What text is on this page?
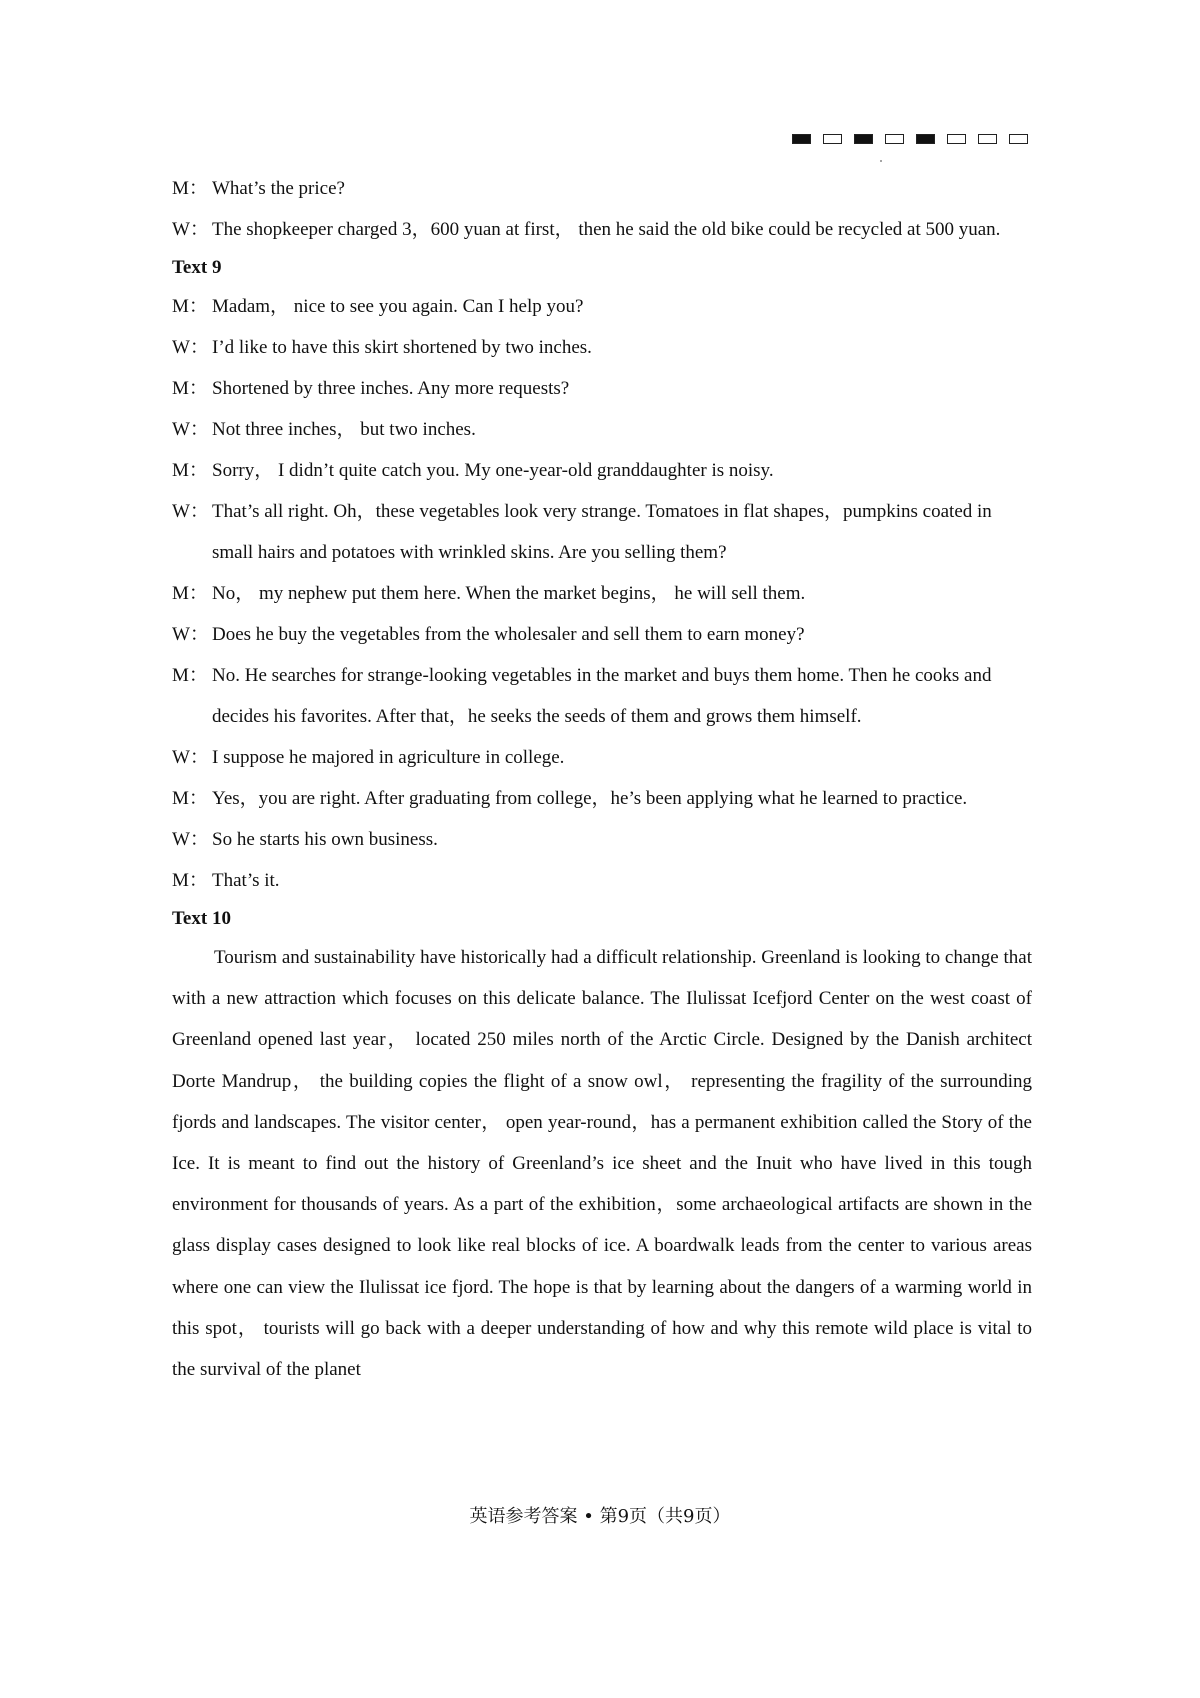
M： What’s the price?
W： The shopkeeper charged 3，600 yuan at first， then he said the old bike could be recycled at 500 yuan.
Text 9
M： Madam， nice to see you again. Can I help you?
W： I’d like to have this skirt shortened by two inches.
M： Shortened by three inches. Any more requests?
W： Not three inches， but two inches.
M： Sorry， I didn’t quite catch you. My one-year-old granddaughter is noisy.
W： That’s all right. Oh，these vegetables look very strange. Tomatoes in flat shapes，pumpkins coated in small hairs and potatoes with wrinkled skins. Are you selling them?
M： No， my nephew put them here. When the market begins， he will sell them.
W： Does he buy the vegetables from the wholesaler and sell them to earn money?
M： No. He searches for strange-looking vegetables in the market and buys them home. Then he cooks and decides his favorites. After that，he seeks the seeds of them and grows them himself.
W： I suppose he majored in agriculture in college.
M： Yes，you are right. After graduating from college，he’s been applying what he learned to practice.
W： So he starts his own business.
M： That’s it.
Text 10

Tourism and sustainability have historically had a difficult relationship. Greenland is looking to change that with a new attraction which focuses on this delicate balance. The Ilulissat Icefjord Center on the west coast of Greenland opened last year， located 250 miles north of the Arctic Circle. Designed by the Danish architect Dorte Mandrup， the building copies the flight of a snow owl， representing the fragility of the surrounding fjords and landscapes. The visitor center， open year-round，has a permanent exhibition called the Story of the Ice. It is meant to find out the history of Greenland’s ice sheet and the Inuit who have lived in this tough environment for thousands of years. As a part of the exhibition，some archaeological artifacts are shown in the glass display cases designed to look like real blocks of ice. A boardwalk leads from the center to various areas where one can view the Ilulissat ice fjord. The hope is that by learning about the dangers of a warming world in this spot， tourists will go back with a deeper understanding of how and why this remote wild place is vital to the survival of the planet

英语参考答案 • 第9页（共9页）
